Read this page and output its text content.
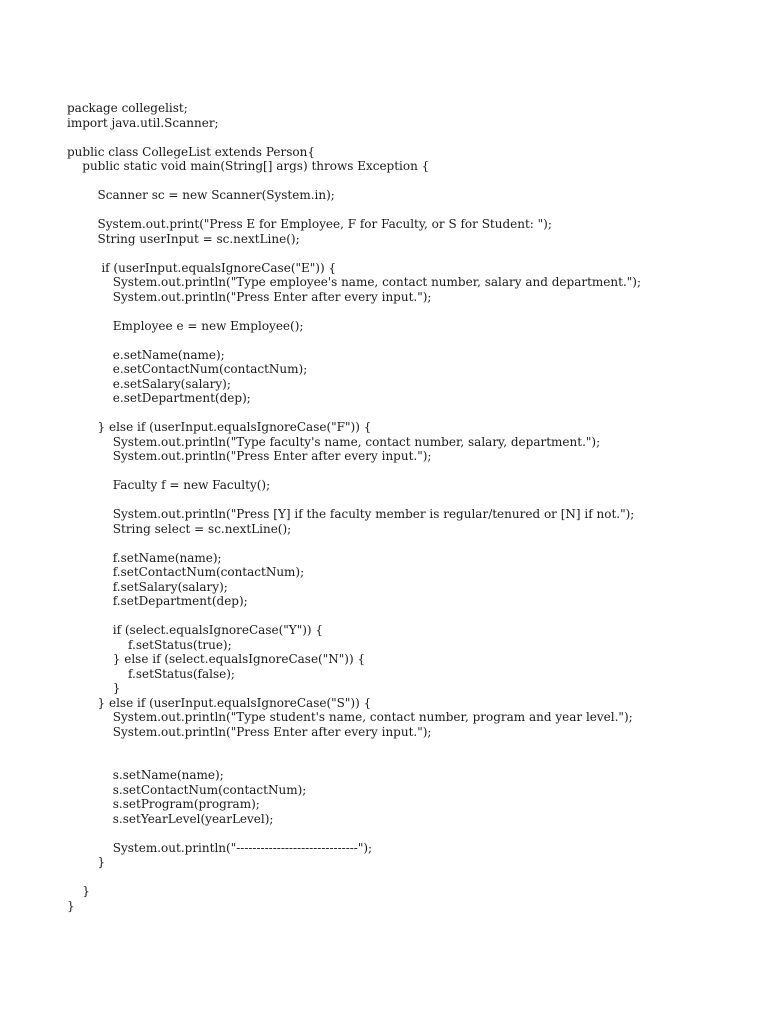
package collegelist;
import java.util.Scanner;

public class CollegeList extends Person{
public static void main(String[] args) throws Exception {

Scanner sc = new Scanner(System.in);

System.out.print("Press E for Employee, F for Faculty, or S for Student: ");
String userInput = sc.nextLine();

if (userInput.equalsIgnoreCase("E")) {
System.out.println("Type employee's name, contact number, salary and department.");
System.out.println("Press Enter after every input.");

Employee e = new Employee();

e.setName(name);
e.setContactNum(contactNum);
e.setSalary(salary);
e.setDepartment(dep);

} else if (userInput.equalsIgnoreCase("F")) {
System.out.println("Type faculty's name, contact number, salary, department.");
System.out.println("Press Enter after every input.");

Faculty f = new Faculty();

System.out.println("Press [Y] if the faculty member is regular/tenured or [N] if not.");
String select = sc.nextLine();

f.setName(name);
f.setContactNum(contactNum);
f.setSalary(salary);
f.setDepartment(dep);

if (select.equalsIgnoreCase("Y")) {
f.setStatus(true);
} else if (select.equalsIgnoreCase("N")) {
f.setStatus(false);
}
} else if (userInput.equalsIgnoreCase("S")) {
System.out.println("Type student's name, contact number, program and year level.");
System.out.println("Press Enter after every input.");

s.setName(name);
s.setContactNum(contactNum);
s.setProgram(program);
s.setYearLevel(yearLevel);

System.out.println("------------------------------");
}

}
}
